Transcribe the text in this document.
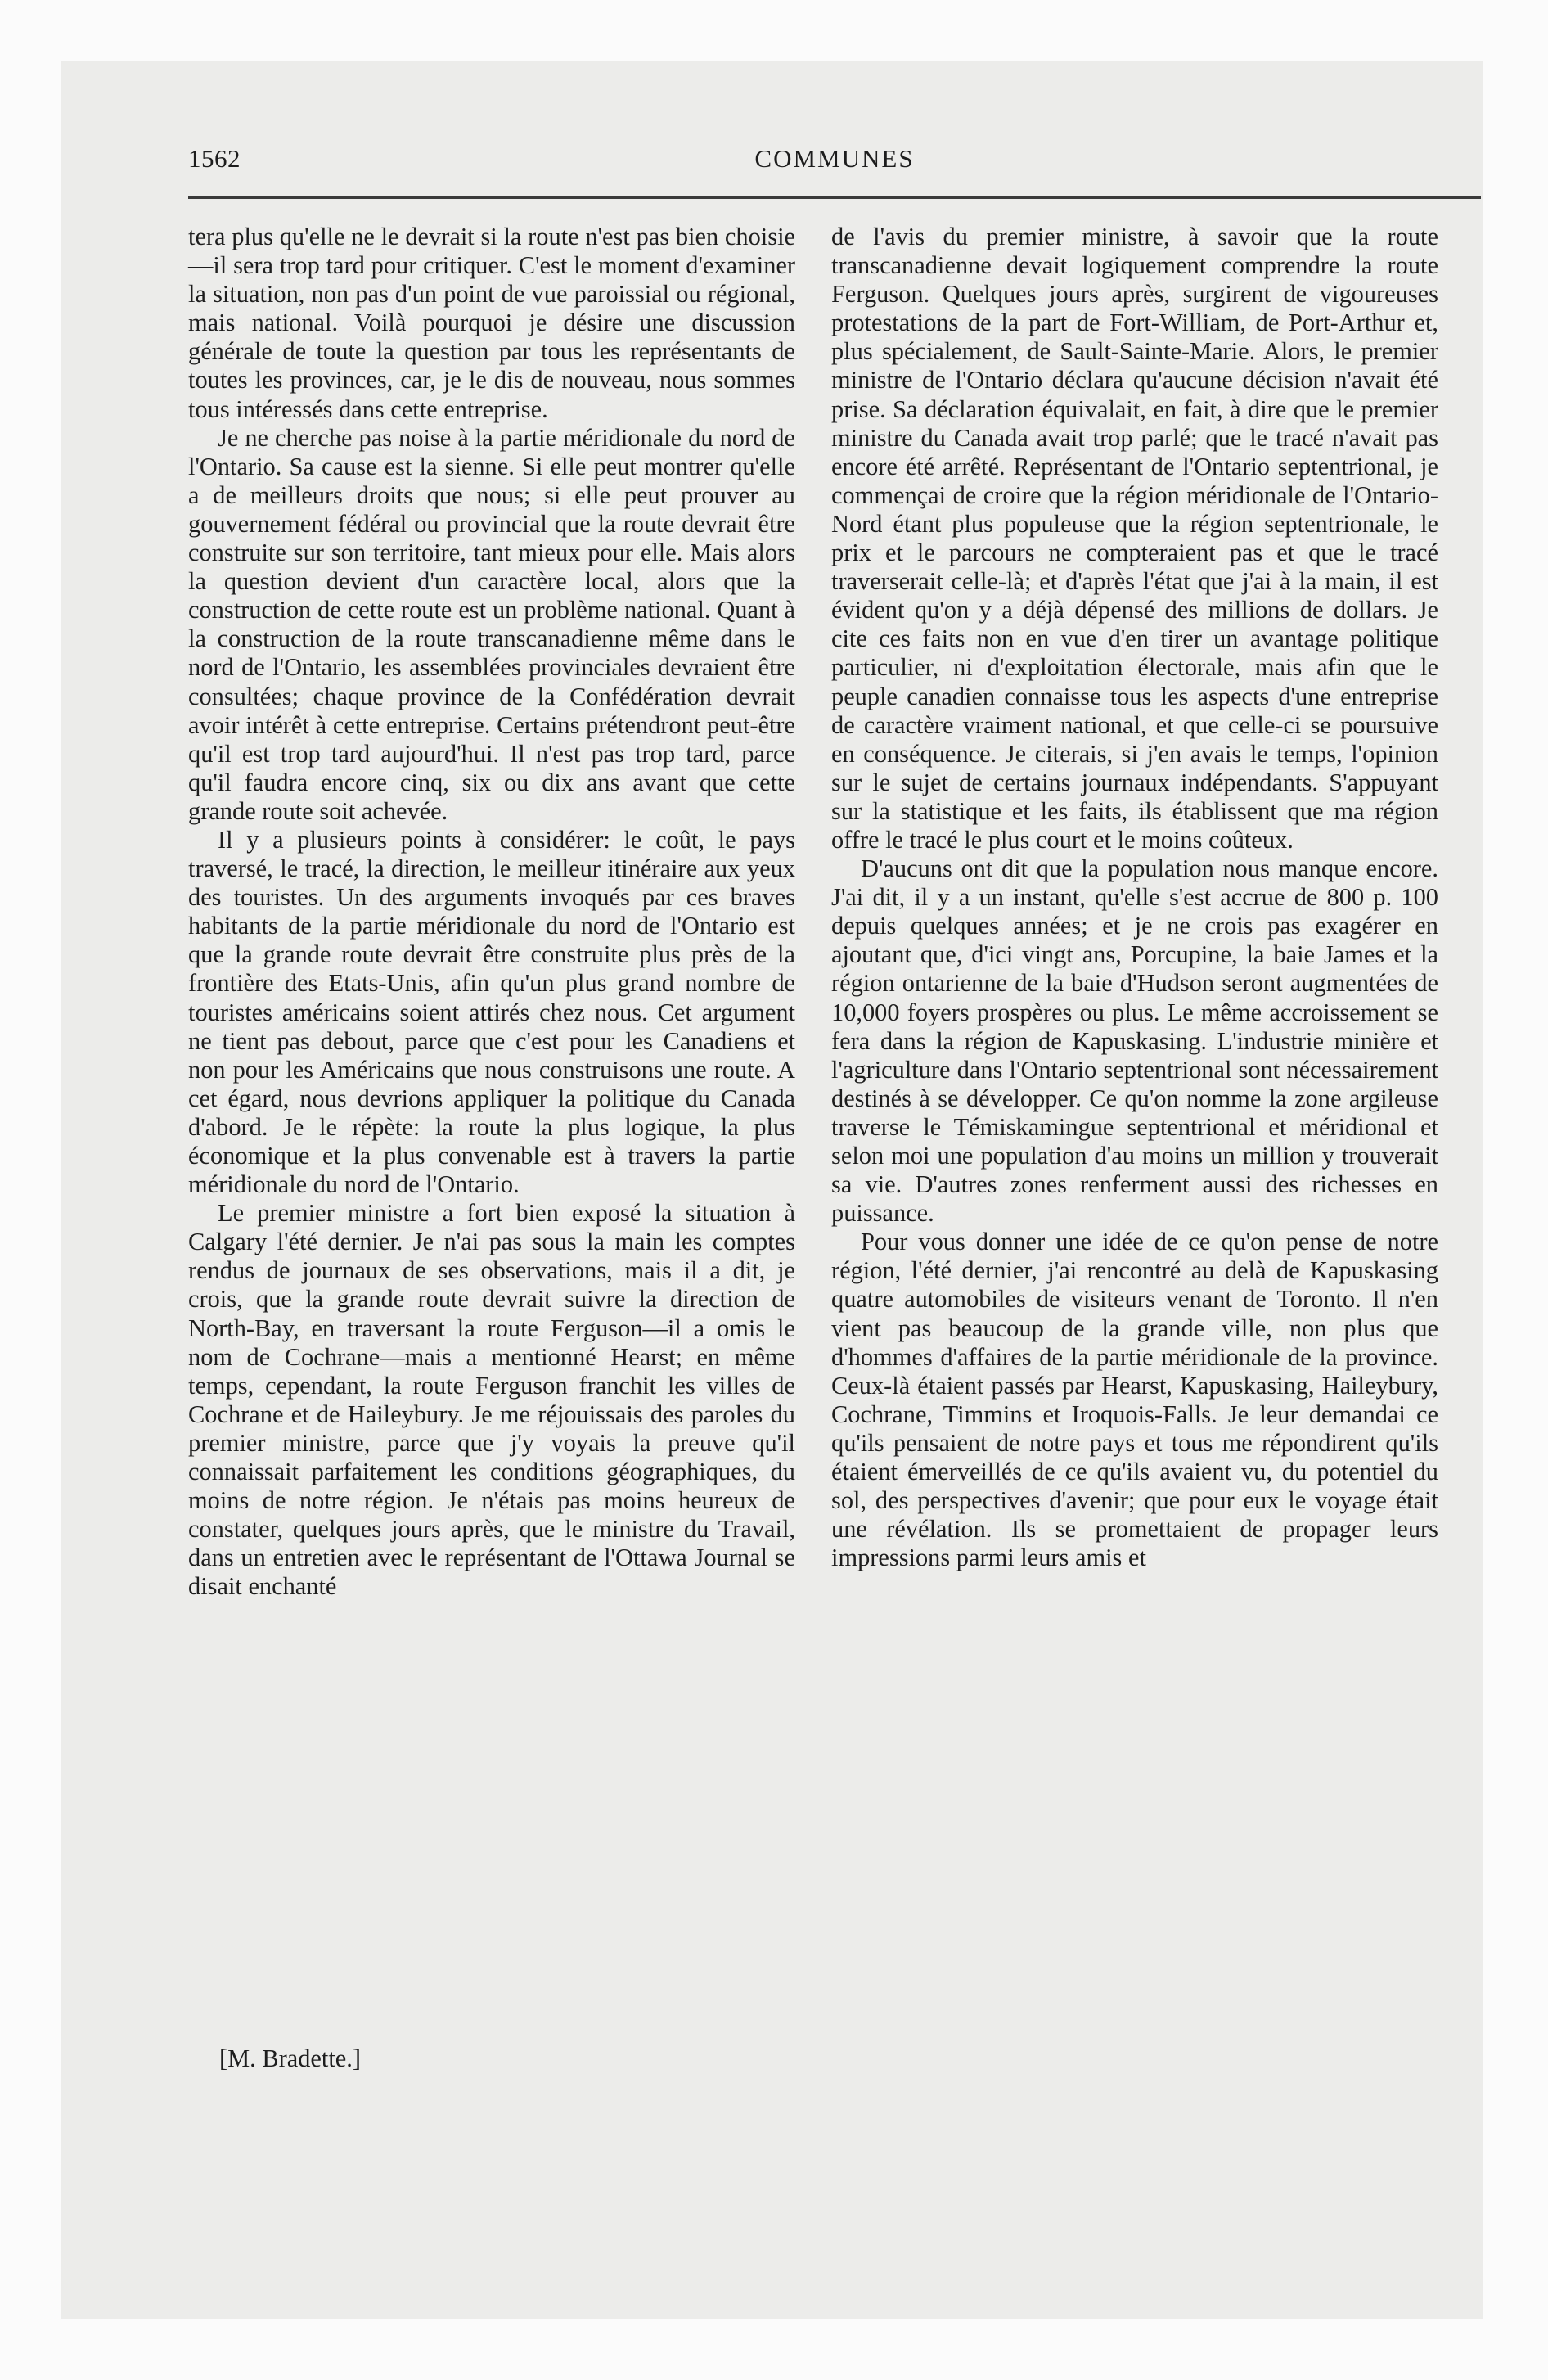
1562	COMMUNES

tera plus qu'elle ne le devrait si la route n'est pas bien choisie—il sera trop tard pour critiquer. C'est le moment d'examiner la situation, non pas d'un point de vue paroissial ou régional, mais national. Voilà pourquoi je désire une discussion générale de toute la question par tous les représentants de toutes les provinces, car, je le dis de nouveau, nous sommes tous intéressés dans cette entreprise.

Je ne cherche pas noise à la partie méridionale du nord de l'Ontario. Sa cause est la sienne. Si elle peut montrer qu'elle a de meilleurs droits que nous; si elle peut prouver au gouvernement fédéral ou provincial que la route devrait être construite sur son territoire, tant mieux pour elle. Mais alors la question devient d'un caractère local, alors que la construction de cette route est un problème national. Quant à la construction de la route transcanadienne même dans le nord de l'Ontario, les assemblées provinciales devraient être consultées; chaque province de la Confédération devrait avoir intérêt à cette entreprise. Certains prétendront peut-être qu'il est trop tard aujourd'hui. Il n'est pas trop tard, parce qu'il faudra encore cinq, six ou dix ans avant que cette grande route soit achevée.

Il y a plusieurs points à considérer: le coût, le pays traversé, le tracé, la direction, le meilleur itinéraire aux yeux des touristes. Un des arguments invoqués par ces braves habitants de la partie méridionale du nord de l'Ontario est que la grande route devrait être construite plus près de la frontière des Etats-Unis, afin qu'un plus grand nombre de touristes américains soient attirés chez nous. Cet argument ne tient pas debout, parce que c'est pour les Canadiens et non pour les Américains que nous construisons une route. A cet égard, nous devrions appliquer la politique du Canada d'abord. Je le répète: la route la plus logique, la plus économique et la plus convenable est à travers la partie méridionale du nord de l'Ontario.

Le premier ministre a fort bien exposé la situation à Calgary l'été dernier. Je n'ai pas sous la main les comptes rendus de journaux de ses observations, mais il a dit, je crois, que la grande route devrait suivre la direction de North-Bay, en traversant la route Ferguson—il a omis le nom de Cochrane—mais a mentionné Hearst; en même temps, cependant, la route Ferguson franchit les villes de Cochrane et de Haileybury. Je me réjouissais des paroles du premier ministre, parce que j'y voyais la preuve qu'il connaissait parfaitement les conditions géographiques, du moins de notre région. Je n'étais pas moins heureux de constater, quelques jours après, que le ministre du Travail, dans un entretien avec le représentant de l'Ottawa Journal se disait enchanté

[M. Bradette.]

de l'avis du premier ministre, à savoir que la route transcanadienne devait logiquement comprendre la route Ferguson. Quelques jours après, surgirent de vigoureuses protestations de la part de Fort-William, de Port-Arthur et, plus spécialement, de Sault-Sainte-Marie. Alors, le premier ministre de l'Ontario déclara qu'aucune décision n'avait été prise. Sa déclaration équivalait, en fait, à dire que le premier ministre du Canada avait trop parlé; que le tracé n'avait pas encore été arrêté. Représentant de l'Ontario septentrional, je commençai de croire que la région méridionale de l'Ontario-Nord étant plus populeuse que la région septentrionale, le prix et le parcours ne compteraient pas et que le tracé traverserait celle-là; et d'après l'état que j'ai à la main, il est évident qu'on y a déjà dépensé des millions de dollars. Je cite ces faits non en vue d'en tirer un avantage politique particulier, ni d'exploitation électorale, mais afin que le peuple canadien connaisse tous les aspects d'une entreprise de caractère vraiment national, et que celle-ci se poursuive en conséquence. Je citerais, si j'en avais le temps, l'opinion sur le sujet de certains journaux indépendants. S'appuyant sur la statistique et les faits, ils établissent que ma région offre le tracé le plus court et le moins coûteux.

D'aucuns ont dit que la population nous manque encore. J'ai dit, il y a un instant, qu'elle s'est accrue de 800 p. 100 depuis quelques années; et je ne crois pas exagérer en ajoutant que, d'ici vingt ans, Porcupine, la baie James et la région ontarienne de la baie d'Hudson seront augmentées de 10,000 foyers prospères ou plus. Le même accroissement se fera dans la région de Kapuskasing. L'industrie minière et l'agriculture dans l'Ontario septentrional sont nécessairement destinés à se développer. Ce qu'on nomme la zone argileuse traverse le Témiskamingue septentrional et méridional et selon moi une population d'au moins un million y trouverait sa vie. D'autres zones renferment aussi des richesses en puissance.

Pour vous donner une idée de ce qu'on pense de notre région, l'été dernier, j'ai rencontré au delà de Kapuskasing quatre automobiles de visiteurs venant de Toronto. Il n'en vient pas beaucoup de la grande ville, non plus que d'hommes d'affaires de la partie méridionale de la province. Ceux-là étaient passés par Hearst, Kapuskasing, Haileybury, Cochrane, Timmins et Iroquois-Falls. Je leur demandai ce qu'ils pensaient de notre pays et tous me répondirent qu'ils étaient émerveillés de ce qu'ils avaient vu, du potentiel du sol, des perspectives d'avenir; que pour eux le voyage était une révélation. Ils se promettaient de propager leurs impressions parmi leurs amis et
